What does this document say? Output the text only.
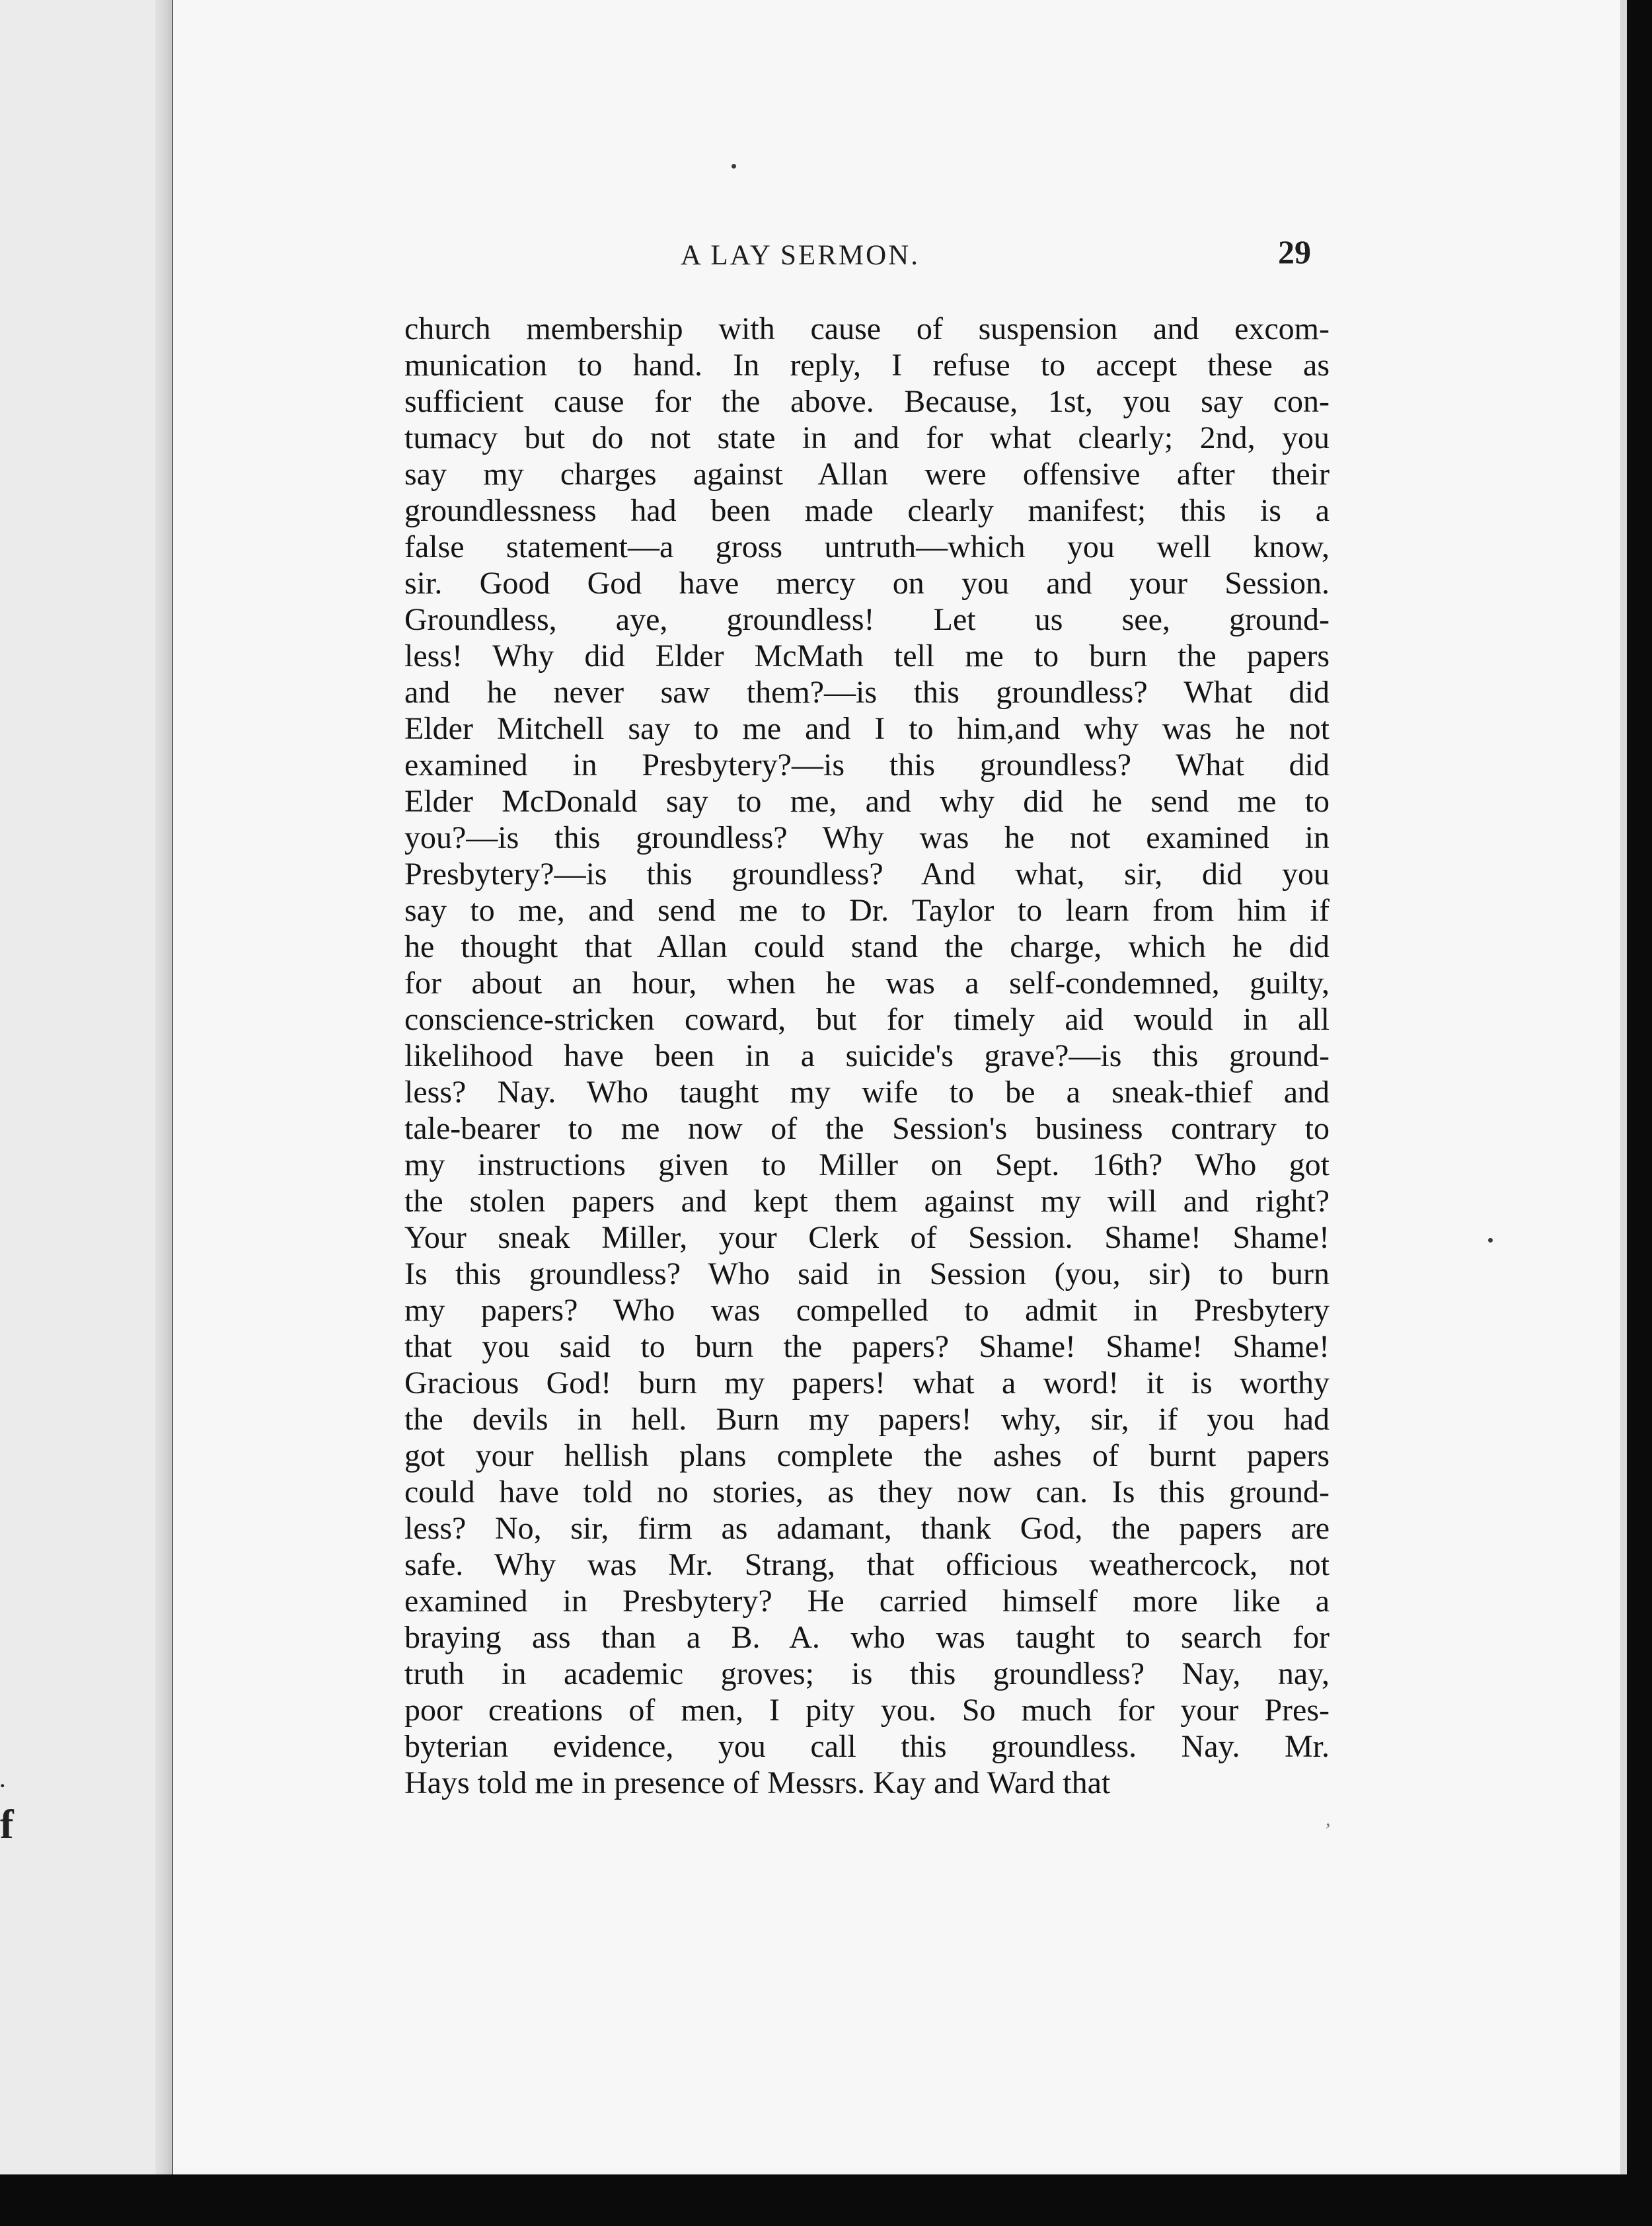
.
f
A LAY SERMON.	29
church membership with cause of suspension and excom-
munication to hand. In reply, I refuse to accept these as
sufficient cause for the above. Because, 1st, you say con-
tumacy but do not state in and for what clearly; 2nd, you
say my charges against Allan were offensive after their
groundlessness had been made clearly manifest; this is a
false statement—a gross untruth—which you well know,
sir. Good God have mercy on you and your Session.
Groundless, aye, groundless! Let us see, ground-
less! Why did Elder McMath tell me to burn the papers
and he never saw them?—is this groundless? What did
Elder Mitchell say to me and I to him,and why was he not
examined in Presbytery?—is this groundless? What did
Elder McDonald say to me, and why did he send me to
you?—is this groundless? Why was he not examined in
Presbytery?—is this groundless? And what, sir, did you
say to me, and send me to Dr. Taylor to learn from him if
he thought that Allan could stand the charge, which he did
for about an hour, when he was a self-condemned, guilty,
conscience-stricken coward, but for timely aid would in all
likelihood have been in a suicide's grave?—is this ground-
less? Nay. Who taught my wife to be a sneak-thief and
tale-bearer to me now of the Session's business contrary to
my instructions given to Miller on Sept. 16th? Who got
the stolen papers and kept them against my will and right?
Your sneak Miller, your Clerk of Session. Shame! Shame!
Is this groundless? Who said in Session (you, sir) to burn
my papers? Who was compelled to admit in Presbytery
that you said to burn the papers? Shame! Shame! Shame!
Gracious God! burn my papers! what a word! it is worthy
the devils in hell. Burn my papers! why, sir, if you had
got your hellish plans complete the ashes of burnt papers
could have told no stories, as they now can. Is this ground-
less? No, sir, firm as adamant, thank God, the papers are
safe. Why was Mr. Strang, that officious weathercock, not
examined in Presbytery? He carried himself more like a
braying ass than a B. A. who was taught to search for
truth in academic groves; is this groundless? Nay, nay,
poor creations of men, I pity you. So much for your Pres-
byterian evidence, you call this groundless. Nay. Mr.
Hays told me in presence of Messrs. Kay and Ward that
,
